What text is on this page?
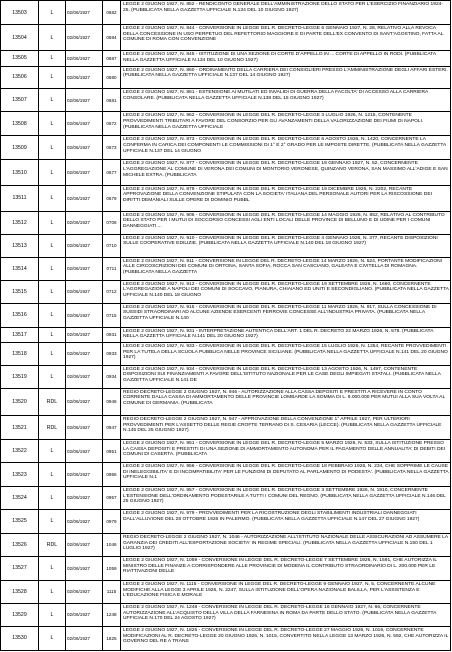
13503	L	02/06/1927	0682	LEGGE 2 GIUGNO 1927, N. 852 - RENDICONTO GENERALE DELL'AMMINISTRAZIONE DELLO STATO PER L'ESERCIZIO FINANZIARIO 1924-25. (PUBBLICATA NELLA GAZZETTA UFFICIALE N.134 DEL 10 GIUGNO 1927)
13504	L	02/06/1927	0684	LEGGE 2 GIUGNO 1927, N. 844 - CONVERSIONE IN LEGGE DEL R. DECRETO-LEGGE 6 GENNAIO 1927, N. 28, RELATIVO ALLA REVOCA DELLA CONCESSIONE IN USO PERPETUO DEL REFETTORIO MAGGIORE E DI PARTE DELL'EX CONVENTO DI SANT'AGOSTINO, FATTA AL COMUNE DI ROMA CON CONVENZIONE
13505	L	02/06/1927	0687	LEGGE 2 GIUGNO 1927, N. 845 - ISTITUZIONE DI UNA SEZIONE DI CORTE D'APPELLO IN ... CORTE DI APPELLO IN RODI. (PUBBLICATA NELLA GAZZETTA UFFICIALE N.134 DEL 10 GIUGNO 1927)
13506	L	02/06/1927	0680	LEGGE 2 GIUGNO 1927, N. 860 - ORDINAMENTO DELLA CARRIERA DEI CONSIGLIERI PRESSO L'AMMINISTRAZIONE DEGLI AFFARI ESTERI. (PUBBLICATA NELLA GAZZETTA UFFICIALE N.137 DEL 14 GIUGNO 1927)
13507	L	02/06/1927	0681	LEGGE 2 GIUGNO 1927, N. 861 - ESTENSIONE AI MUTILATI ED INVALIDI DI GUERRA DELLA FACOLTA' DI ACCESSO ALLA CARRIERA CONSOLARE. (PUBBLICATA NELLA GAZZETTA UFFICIALE N.138 DEL 15 GIUGNO 1927)
13508	L	02/06/1927	0672	LEGGE 2 GIUGNO 1927, N. 962 - CONVERSIONE IN LEGGE DEL R. DECRETO-LEGGE 3 LUGLIO 1926, N. 1215, CONTENENTE PROVVEDIMENTI TRIBUTARI A FAVORE DEL CONSORZIO PER GLI AVANZAMENTI DELLA VALORIZZAZIONE DEI FIUMI DI NAPOLI. (PUBBLICATA NELLA GAZZETTA UFFICIALE
13509	L	02/06/1927	0673	LEGGE 2 GIUGNO 1927, N. 873 - CONVERSIONE IN LEGGE DEL R. DECRETO-LEGGE 6 AGOSTO 1926, N. 1420, CONCERNENTE LA CONFERMA IN CARICA DEI COMPONENTI LE COMMISSIONI DI 1° E 2° GRADO PER LE IMPOSTE DIRETTE. (PUBBLICATA NELLA GAZZETTA UFFICIALE N.137 DEL 14 GIUGNO
13510	L	02/06/1927	0677	LEGGE 2 GIUGNO 1927, N. 877 - CONVERSIONE IN LEGGE DEL R. DECRETO-LEGGE 18 GENNAIO 1927, N. 52, CONCERNENTE L'AGGREGAZIONE AL COMUNE DI VERONA DEI COMUNI DI MONTORIO VERONESE, QUINZANO VERONA, SAN MASSIMO ALL'ADIGE E SAN MICHELE EXTRA. (PUBBLICATA
13511	L	02/06/1927	0679	LEGGE 2 GIUGNO 1927, N. 879 - CONVERSIONE IN LEGGE DEL R. DECRETO-LEGGE 19 DICEMBRE 1926, N. 2202, RECANTE APPROVAZIONE DELLA CONVENZIONE STIPULATA CON LA SOCIETA' ITALIANA DEL PERSONALE AUTORI PER LA RISCOSSIONE DEI DIRITTI DEMANIALI SULLE OPERE DI DOMINIO PUBBL
13512	L	02/06/1927	0706	LEGGE 2 GIUGNO 1927, N. 906 - CONVERSIONE IN LEGGE DEL R. DECRETO-LEGGE 14 MAGGIO 1926, N. 852, RELATIVO AL CONTRIBUTO DELLO STATO PER I MUTUI DI SOCCORSO CONCESSI AGLI ENTI LOCALI DELLE PROVINCE DI BELLUNO E DI UDINE PER I COMUNI DANNEGGIATI ...
13513	L	02/06/1927	0710	LEGGE 2 GIUGNO 1927, N. 910 - CONVERSIONE IN LEGGE DEL R. DECRETO-LEGGE 4 GENNAIO 1926, N. 377, RECANTE DISPOSIZIONI SULLE COOPERATIVE EDILIZIE. (PUBBLICATA NELLA GAZZETTA UFFICIALE N.140 DEL 18 GIUGNO 1927)
13514	L	02/06/1927	0711	LEGGE 2 GIUGNO 1927, N. 911 - CONVERSIONE IN LEGGE DEL R. DECRETO-LEGGE 14 MARZO 1926, N. 524, PORTANTE MODIFICAZIONI ALLE CIRCOSCRIZIONI DEI COMUNI DI ORTONA, SANTA SOFIA, ROCCA SAN CASCIANO, GALEATA E CIVITELLA DI ROMAGNA. (PUBBLICATA NELLA GAZZETTA
13515	L	02/06/1927	0712	LEGGE 2 GIUGNO 1927, N. 912 - CONVERSIONE IN LEGGE DEL R. DECRETO-LEGGE 19 SETTEMBRE 1926, N. 1660, CONCERNENTE L'AGGREGAZIONE A NAPOLI DEI COMUNI DI SOCCAVO, PIANURA, CHIAIANO ED UNITI E SECONDIGLIANO. (PUBBLICATA NELLA GAZZETTA UFFICIALE N.140 DEL 18 GIUGNO
13516	L	02/06/1927	0715	LEGGE 2 GIUGNO 1927, N. 915 - CONVERSIONE IN LEGGE DEL R. DECRETO-LEGGE 11 MARZO 1926, N. 917, SULLA CONCESSIONE DI SUSSIDI STRAORDINARI AD ALCUNE AZIENDE ESERCENTI FERROVIE CONCESSE ALL'INDUSTRIA PRIVATA. (PUBBLICATA NELLA GAZZETTA UFFICIALE N.140
13517	L	02/06/1927	0931	LEGGE 2 GIUGNO 1927, N. 931 - INTERPRETAZIONE AUTENTICA DELL'ART. 1 DEL R. DECRETO 22 MARZO 1926, N. 578. (PUBBLICATA NELLA GAZZETTA UFFICIALE N.141 DEL 20 GIUGNO 1927)
13518	L	02/06/1927	0933	LEGGE 2 GIUGNO 1927, N. 933 - CONVERSIONE IN LEGGE DEL R. DECRETO-LEGGE 15 LUGLIO 1926, N. 1254, RECANTE PROVVEDIMENTI PER LA TUTELA DELLA SCUOLA PUBBLICA NELLE PROVINCE SICILIANE. (PUBBLICATA NELLA GAZZETTA UFFICIALE N.141 DEL 20 GIUGNO 1927)
13519	L	02/06/1927	0934	LEGGE 2 GIUGNO 1927, N. 934 - CONVERSIONE IN LEGGE DEL R. DECRETO-LEGGE 13 AGOSTO 1926, N. 1497, CONTENENTE DISPOSIZIONI SUI FINANZIAMENTI A FAVORE DELL'ISTITUTO NAZIONALE PER LE CASE DEGLI IMPIEGATI STATALI. (PUBBLICATA NELLA GAZZETTA UFFICIALE N.141 DE
13520	RDL	02/06/1927	0946	REGIO DECRETO-LEGGE 2 GIUGNO 1927, N. 946 - AUTORIZZAZIONE ALLA CASSA DEPOSITI E PRESTITI A RICEVERE IN CONTO CORRENTE DALLA CASSA DI AMMORTAMENTO DELLE PROVINCIE LOMBARDE LA SOMMA DI L. 9.000.000 PER MUTUI ALLA SUA VOLTA AL COMUNE DI GERMANIA. (PUBBLICATA
13521	RDL	02/06/1927	0947	REGIO DECRETO-LEGGE 2 GIUGNO 1927, N. 947 - APPROVAZIONE DELLA CONVENZIONE 1° APRILE 1927, PER ULTERIORI PROVVEDIMENTI PER L'ASSETTO DELLE REGIE CROFTE TERRANO DI S. CESARIA (LECCE). (PUBBLICATA NELLA GAZZETTA UFFICIALE N.145 DEL 25 GIUGNO 1927)
13522	L	02/06/1927	0951	LEGGE 2 GIUGNO 1927, N. 951 - CONVERSIONE IN LEGGE DEL R. DECRETO-LEGGE 5 MARZO 1926, N. 533, SULLA ISTITUZIONE PRESSO LA CASSA DEPOSITI E PRESTITI DI UNA SEZIONE DI AMMORTAMENTO AUTONOMA PER IL PAGAMENTO DELLE ANNUALITA' DI DEBITI DEI COMUNI DI CASERTA. (PUBBLICATA
13523	L	02/06/1927	0956	LEGGE 2 GIUGNO 1927, N. 956 - CONVERSIONE IN LEGGE DEL R. DECRETO-LEGGE 18 FEBBRAIO 1926, N. 234, CHE SOPPRIME LE CAUSE DI INELEGGIBILITA' E DI INCOMPATIBILITA' PER LE FUNZIONI DI DEPUTATO AL PARLAMENTO DI PODESTA'. (PUBBLICATA NELLA GAZZETTA UFFICIALE N.1
13524	L	02/06/1927	0957	LEGGE 2 GIUGNO 1927, N. 957 - CONVERSIONE IN LEGGE DEL R. DECRETO-LEGGE 3 SETTEMBRE 1926, N. 1910, CONCERNENTE L'ESTENSIONE DELL'ORDINAMENTO PODESTARILE A TUTTI I COMUNI DEL REGNO. (PUBBLICATA NELLA GAZZETTA UFFICIALE N.146 DEL 25 GIUGNO 1927)
13525	L	02/06/1927	0979	LEGGE 2 GIUGNO 1927, N. 979 - PROVVEDIMENTI PER LA RICOSTRUZIONE DEGLI STABILIMENTI INDUSTRIALI DANNEGGIATI DALL'ALLUVIONE DEL 28 OTTOBRE 1926 IN PALERMO. (PUBBLICATA NELLA GAZZETTA UFFICIALE N.147 DEL 27 GIUGNO 1927)
13526	RDL	02/06/1927	1046	REGIO DECRETO-LEGGE 2 GIUGNO 1927, N. 1046 - AUTORIZZAZIONE ALL'ISTITUTO NAZIONALE DELLE ASSICURAZIONI AD ASSUMERE LA GARANZIA DEI CREDITI ALL'ESPORTAZIONE SOCIETA' IN REGIME SPECIALI. (PUBBLICATA NELLA GAZZETTA UFFICIALE N.150 DEL 1 LUGLIO 1927)
13527	L	02/06/1927	1059	LEGGE 2 GIUGNO 1927, N. 1059 - CONVERSIONE IN LEGGE DEL R. DECRETO-LEGGE 7 SETTEMBRE 1926, N. 1591, CHE AUTORIZZA IL MINISTRO DELLE FINANZE A CORRISPONDERE ALLE PROVINCIE DI MODENA IL CONTRIBUTO STRAORDINARIO DI L. 200.000 PER LE RIATTIVAZIONI DELLE
13528	L	02/06/1927	1115	LEGGE 2 GIUGNO 1927, N. 1115 - CONVERSIONE IN LEGGE DEL R. DECRETO-LEGGE 9 GENNAIO 1927, N. 5, CONCERNENTE ALCUNE MODIFICHE ALLA LEGGE 3 APRILE 1926, N. 2247, SULLA ISTITUZIONE DELL'OPERA NAZIONALE BALILLA, PER L'ASSISTENZA E L'EDUCAZIONE FISICA E MORALE
13529	L	02/06/1927	1248	LEGGE 2 GIUGNO 1927, N. 1248 - CONVERSIONE IN LEGGE DEL R. DECRETO-LEGGE 16 GENNAIO 1927, N. 66, CONCERNENTE AUTORIZZAZIONE ALL'ACQUISTO DELLA VILLA DELLA FARNESINA IN ROMA DA PARTE DELLO STATO. (PUBBLICATA NELLA GAZZETTA UFFICIALE N.170 DEL 24 AGOSTO 1927)
13530	L	02/06/1927	1825	LEGGE 2 GIUGNO 1927, N. 1825 - CONVERSIONE IN LEGGE DEL R. DECRETO-LEGGE 27 MAGGIO 1926, N. 1019, CONCERNENTE MODIFICAZIONI AL R. DECRETO-LEGGE 20 GIUGNO 1926, N. 1015, CONVERTITO NELLA LEGGE 13 MARZO 1926, N. 592, CHE AUTORIZZA IL GOVERNO DEL RE A TRANS
